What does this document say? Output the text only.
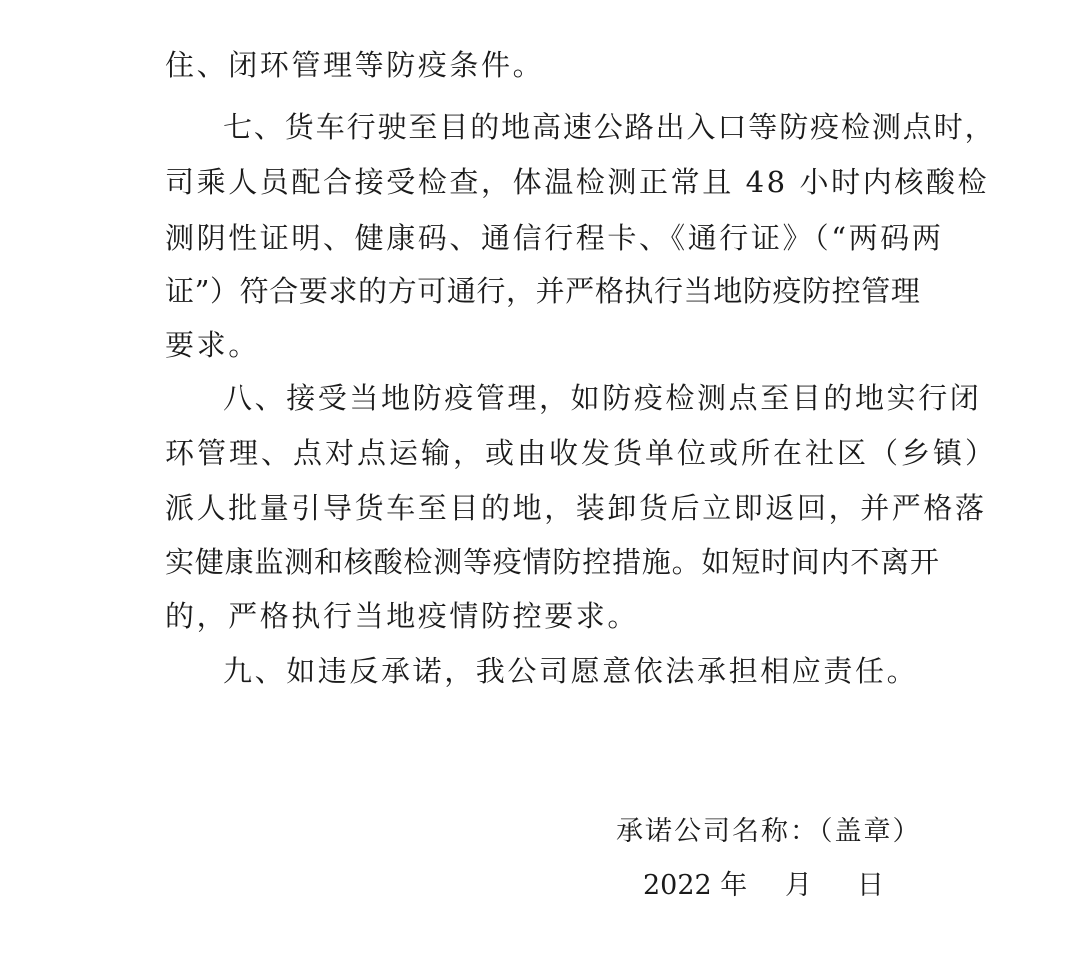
住、闭环管理等防疫条件。
七、货车行驶至目的地高速公路出入口等防疫检测点时，
司乘人员配合接受检查，体温检测正常且 48 小时内核酸检
测阴性证明、健康码、通信行程卡、《通行证》（“两码两
证”）符合要求的方可通行，并严格执行当地防疫防控管理
要求。
八、接受当地防疫管理，如防疫检测点至目的地实行闭
环管理、点对点运输，或由收发货单位或所在社区（乡镇）
派人批量引导货车至目的地，装卸货后立即返回，并严格落
实健康监测和核酸检测等疫情防控措施。如短时间内不离开
的，严格执行当地疫情防控要求。
九、如违反承诺，我公司愿意依法承担相应责任。
承诺公司名称：（盖章）
2022 年 月 日
